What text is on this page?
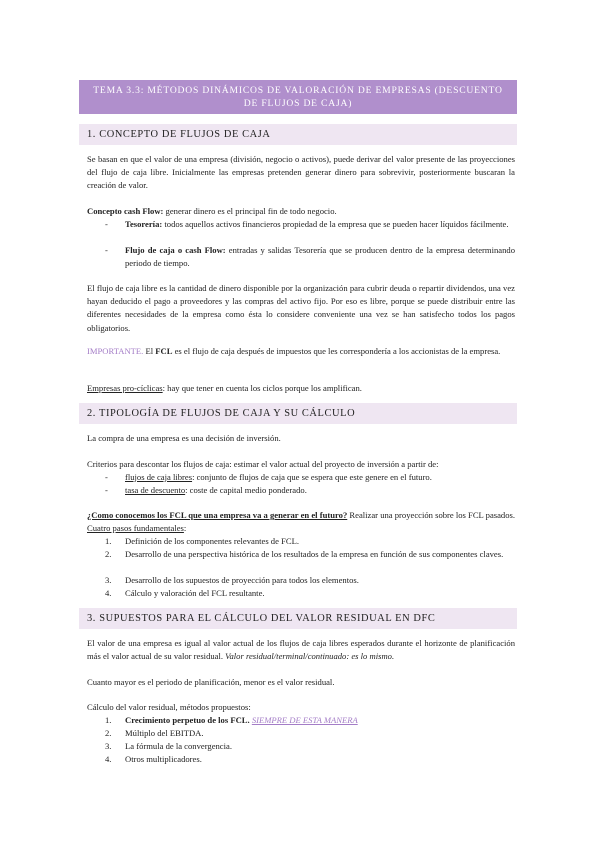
TEMA 3.3: MÉTODOS DINÁMICOS DE VALORACIÓN DE EMPRESAS (DESCUENTO
DE FLUJOS DE CAJA)
1. CONCEPTO DE FLUJOS DE CAJA

Se basan en que el valor de una empresa (división, negocio o activos), puede derivar del valor presente de las proyecciones del flujo de caja libre. Inicialmente las empresas pretenden generar dinero para sobrevivir, posteriormente buscaran la creación de valor.

Concepto cash Flow: generar dinero es el principal fin de todo negocio.

- Tesorería: todos aquellos activos financieros propiedad de la empresa que se pueden hacer líquidos fácilmente.
- Flujo de caja o cash Flow: entradas y salidas Tesorería que se producen dentro de la empresa determinando periodo de tiempo.

El flujo de caja libre es la cantidad de dinero disponible por la organización para cubrir deuda o repartir dividendos, una vez hayan deducido el pago a proveedores y las compras del activo fijo. Por eso es libre, porque se puede distribuir entre las diferentes necesidades de la empresa como ésta lo considere conveniente una vez se han satisfecho todos los pagos obligatorios.

IMPORTANTE. El FCL es el flujo de caja después de impuestos que les correspondería a los accionistas de la empresa.

Empresas pro-cíclicas: hay que tener en cuenta los ciclos porque los amplifican.

2. TIPOLOGÍA DE FLUJOS DE CAJA Y SU CÁLCULO

La compra de una empresa es una decisión de inversión.

Criterios para descontar los flujos de caja: estimar el valor actual del proyecto de inversión a partir de:

- flujos de caja libres: conjunto de flujos de caja que se espera que este genere en el futuro.
- tasa de descuento: coste de capital medio ponderado.

¿Como conocemos los FCL que una empresa va a generar en el futuro? Realizar una proyección sobre los FCL pasados. Cuatro pasos fundamentales:

1. Definición de los componentes relevantes de FCL.
2. Desarrollo de una perspectiva histórica de los resultados de la empresa en función de sus componentes claves.
3. Desarrollo de los supuestos de proyección para todos los elementos.
4. Cálculo y valoración del FCL resultante.
3. SUPUESTOS PARA EL CÁLCULO DEL VALOR RESIDUAL EN DFC

El valor de una empresa es igual al valor actual de los flujos de caja libres esperados durante el horizonte de planificación más el valor actual de su valor residual. Valor residual/terminal/continuado: es lo mismo.

Cuanto mayor es el periodo de planificación, menor es el valor residual.

Cálculo del valor residual, métodos propuestos:

1. Crecimiento perpetuo de los FCL. SIEMPRE DE ESTA MANERA
2. Múltiplo del EBITDA.
3. La fórmula de la convergencia.
4. Otros multiplicadores.
